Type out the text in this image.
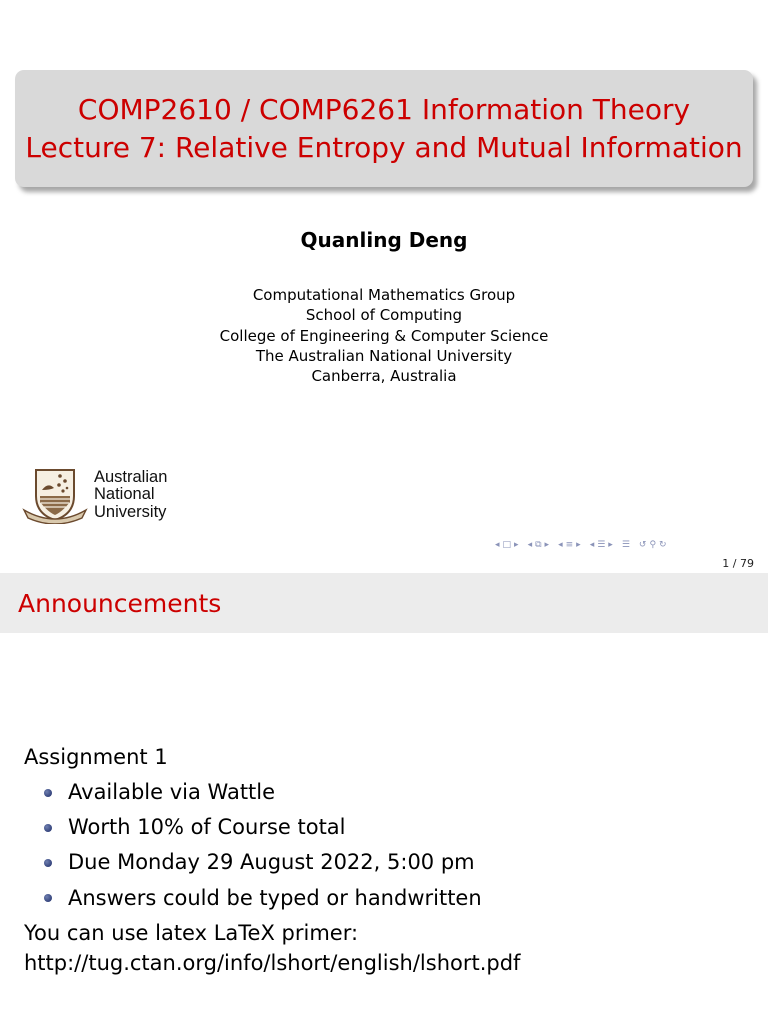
COMP2610 / COMP6261 Information Theory
Lecture 7: Relative Entropy and Mutual Information
Quanling Deng
Computational Mathematics Group
School of Computing
College of Engineering & Computer Science
The Australian National University
Canberra, Australia
Australian
National
University
◂ □ ▸ ◂ ⧉ ▸ ◂ ≡ ▸ ◂ ☰ ▸ ☰ ↺ ⚲ ↻
1 / 79
Announcements
Assignment 1
Available via Wattle
Worth 10% of Course total
Due Monday 29 August 2022, 5:00 pm
Answers could be typed or handwritten
You can use latex LaTeX primer:
http://tug.ctan.org/info/lshort/english/lshort.pdf
